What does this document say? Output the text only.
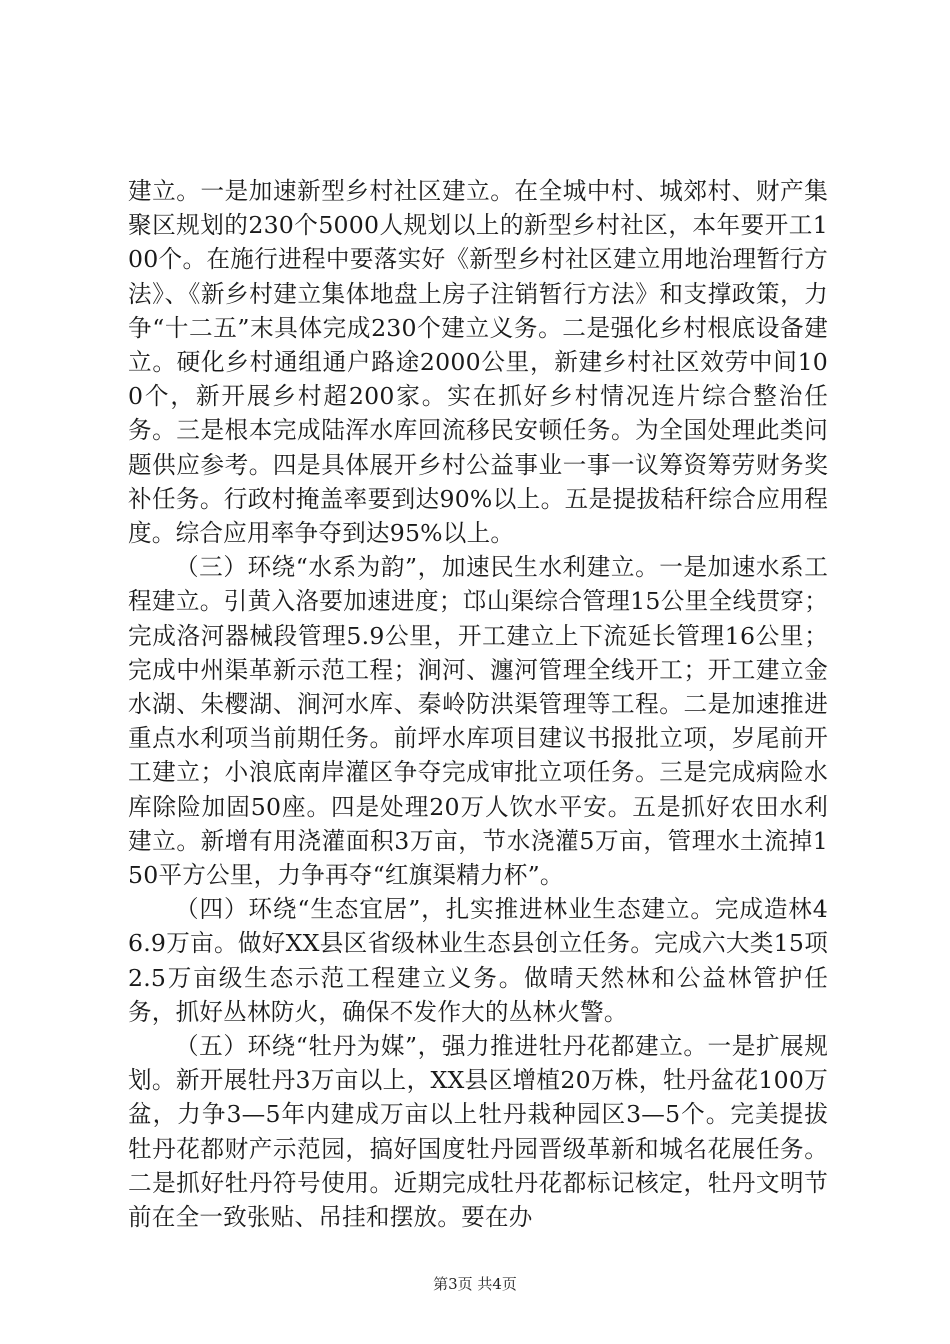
建立。一是加速新型乡村社区建立。在全城中村、城郊村、财产集聚区规划的230个5000人规划以上的新型乡村社区，本年要开工100个。在施行进程中要落实好《新型乡村社区建立用地治理暂行方法》、《新乡村建立集体地盘上房子注销暂行方法》和支撑政策，力争“十二五”末具体完成230个建立义务。二是强化乡村根底设备建立。硬化乡村通组通户路途2000公里，新建乡村社区效劳中间100个，新开展乡村超200家。实在抓好乡村情况连片综合整治任务。三是根本完成陆浑水库回流移民安顿任务。为全国处理此类问题供应参考。四是具体展开乡村公益事业一事一议筹资筹劳财务奖补任务。行政村掩盖率要到达90%以上。五是提拔秸秆综合应用程度。综合应用率争夺到达95%以上。

（三）环绕“水系为韵”，加速民生水利建立。一是加速水系工程建立。引黄入洛要加速进度；邙山渠综合管理15公里全线贯穿；完成洛河器械段管理5.9公里，开工建立上下流延长管理16公里；完成中州渠革新示范工程；涧河、瀍河管理全线开工；开工建立金水湖、朱樱湖、涧河水库、秦岭防洪渠管理等工程。二是加速推进重点水利项当前期任务。前坪水库项目建议书报批立项，岁尾前开工建立；小浪底南岸灌区争夺完成审批立项任务。三是完成病险水库除险加固50座。四是处理20万人饮水平安。五是抓好农田水利建立。新增有用浇灌面积3万亩，节水浇灌5万亩，管理水土流掉150平方公里，力争再夺“红旗渠精力杯”。

（四）环绕“生态宜居”，扎实推进林业生态建立。完成造林46.9万亩。做好XX县区省级林业生态县创立任务。完成六大类15项2.5万亩级生态示范工程建立义务。做晴天然林和公益林管护任务，抓好丛林防火，确保不发作大的丛林火警。

（五）环绕“牡丹为媒”，强力推进牡丹花都建立。一是扩展规划。新开展牡丹3万亩以上，XX县区增植20万株，牡丹盆花100万盆，力争3—5年内建成万亩以上牡丹栽种园区3—5个。完美提拔牡丹花都财产示范园，搞好国度牡丹园晋级革新和城名花展任务。二是抓好牡丹符号使用。近期完成牡丹花都标记核定，牡丹文明节前在全一致张贴、吊挂和摆放。要在办

第3页 共4页
